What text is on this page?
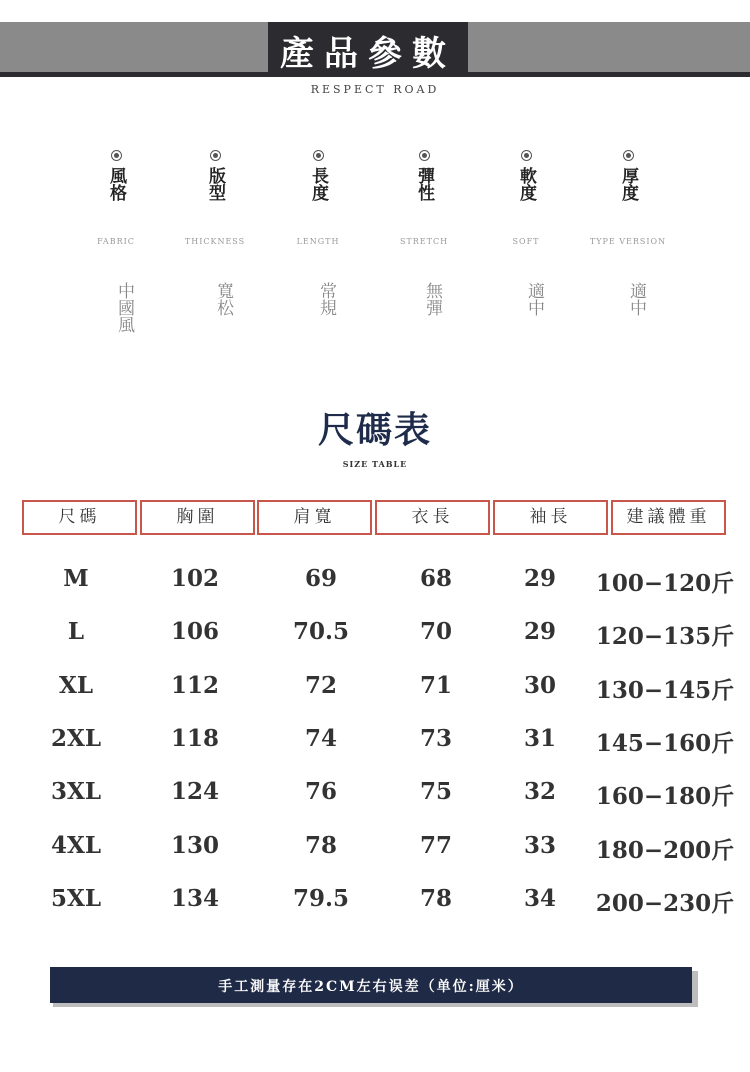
產品參數
RESPECT ROAD
風格
FABRIC
中國風
版型
THICKNESS
寬松
長度
LENGTH
常規
彈性
STRETCH
無彈
軟度
SOFT
適中
厚度
TYPE VERSION
適中
尺碼表
SIZE TABLE
尺碼	胸圍	肩寬	衣長	袖長	建議體重
M	102	69	68	29	100−120斤
L	106	70.5	70	29	120−135斤
XL	112	72	71	30	130−145斤
2XL	118	74	73	31	145−160斤
3XL	124	76	75	32	160−180斤
4XL	130	78	77	33	180−200斤
5XL	134	79.5	78	34	200−230斤
手工測量存在2CM左右误差（单位:厘米）
